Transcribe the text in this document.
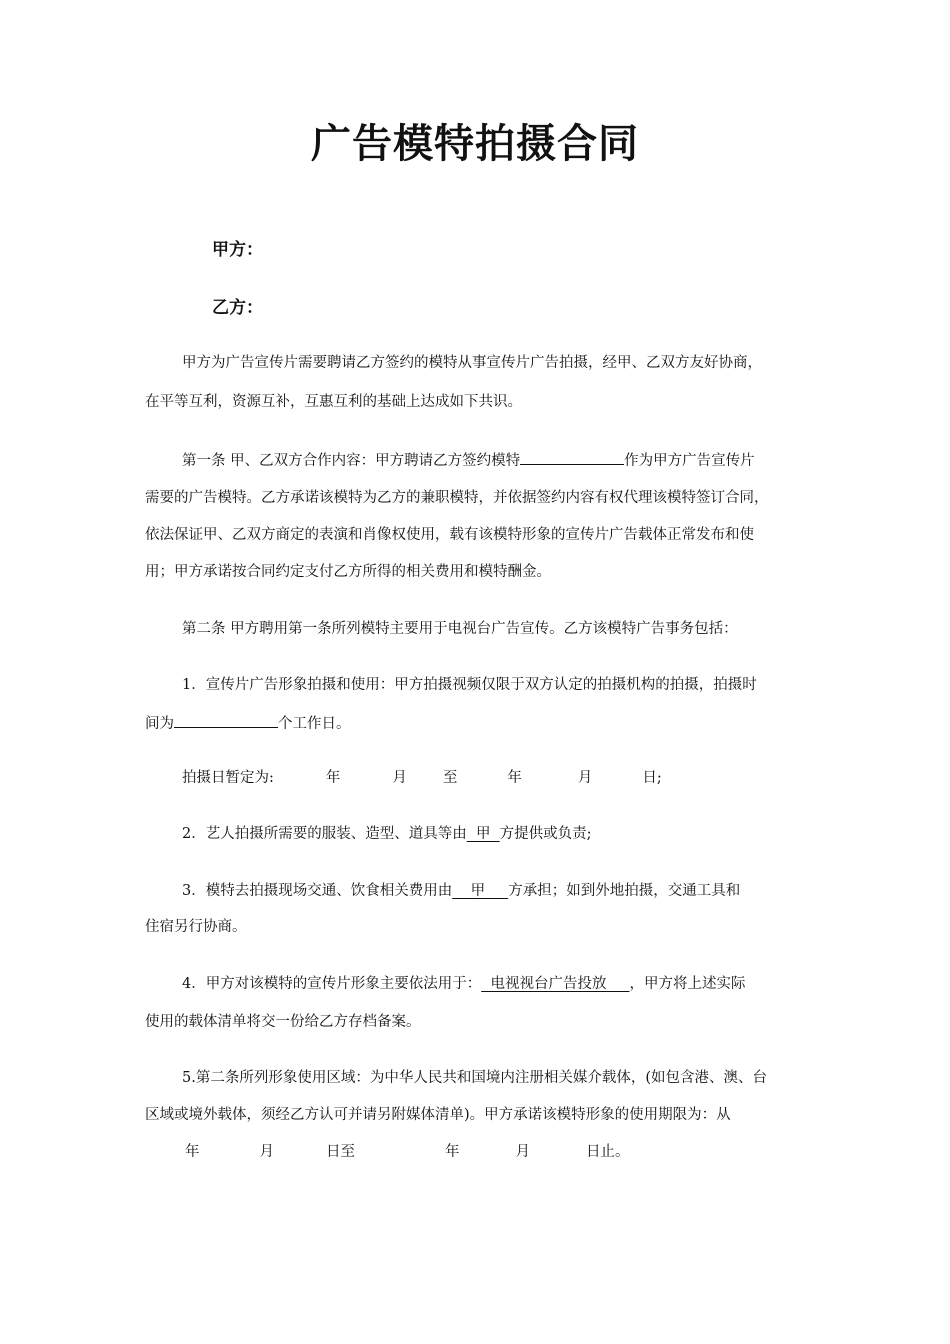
广告模特拍摄合同
甲方：
乙方：
甲方为广告宣传片需要聘请乙方签约的模特从事宣传片广告拍摄，经甲、乙双方友好协商，
在平等互利，资源互补，互惠互利的基础上达成如下共识。
第一条 甲、乙双方合作内容：甲方聘请乙方签约模特	作为甲方广告宣传片
需要的广告模特。乙方承诺该模特为乙方的兼职模特，并依据签约内容有权代理该模特签订合同，
依法保证甲、乙双方商定的表演和肖像权使用，载有该模特形象的宣传片广告载体正常发布和使
用；甲方承诺按合同约定支付乙方所得的相关费用和模特酬金。
第二条 甲方聘用第一条所列模特主要用于电视台广告宣传。乙方该模特广告事务包括：
1．宣传片广告形象拍摄和使用：甲方拍摄视频仅限于双方认定的拍摄机构的拍摄，拍摄时
间为	个工作日。
拍摄日暂定为:	年	月 至	年	月	日;
2．艺人拍摄所需要的服装、造型、道具等由  甲  方提供或负责;
3．模特去拍摄现场交通、饮食相关费用由    甲     方承担；如到外地拍摄，交通工具和
住宿另行协商。
4．甲方对该模特的宣传片形象主要依法用于：  电视视台广告投放     ，甲方将上述实际
使用的载体清单将交一份给乙方存档备案。
5.第二条所列形象使用区域：为中华人民共和国境内注册相关媒介载体，(如包含港、澳、台
区域或境外载体，须经乙方认可并请另附媒体清单)。甲方承诺该模特形象的使用期限为：从
年	月	日至	年	月	日止。
